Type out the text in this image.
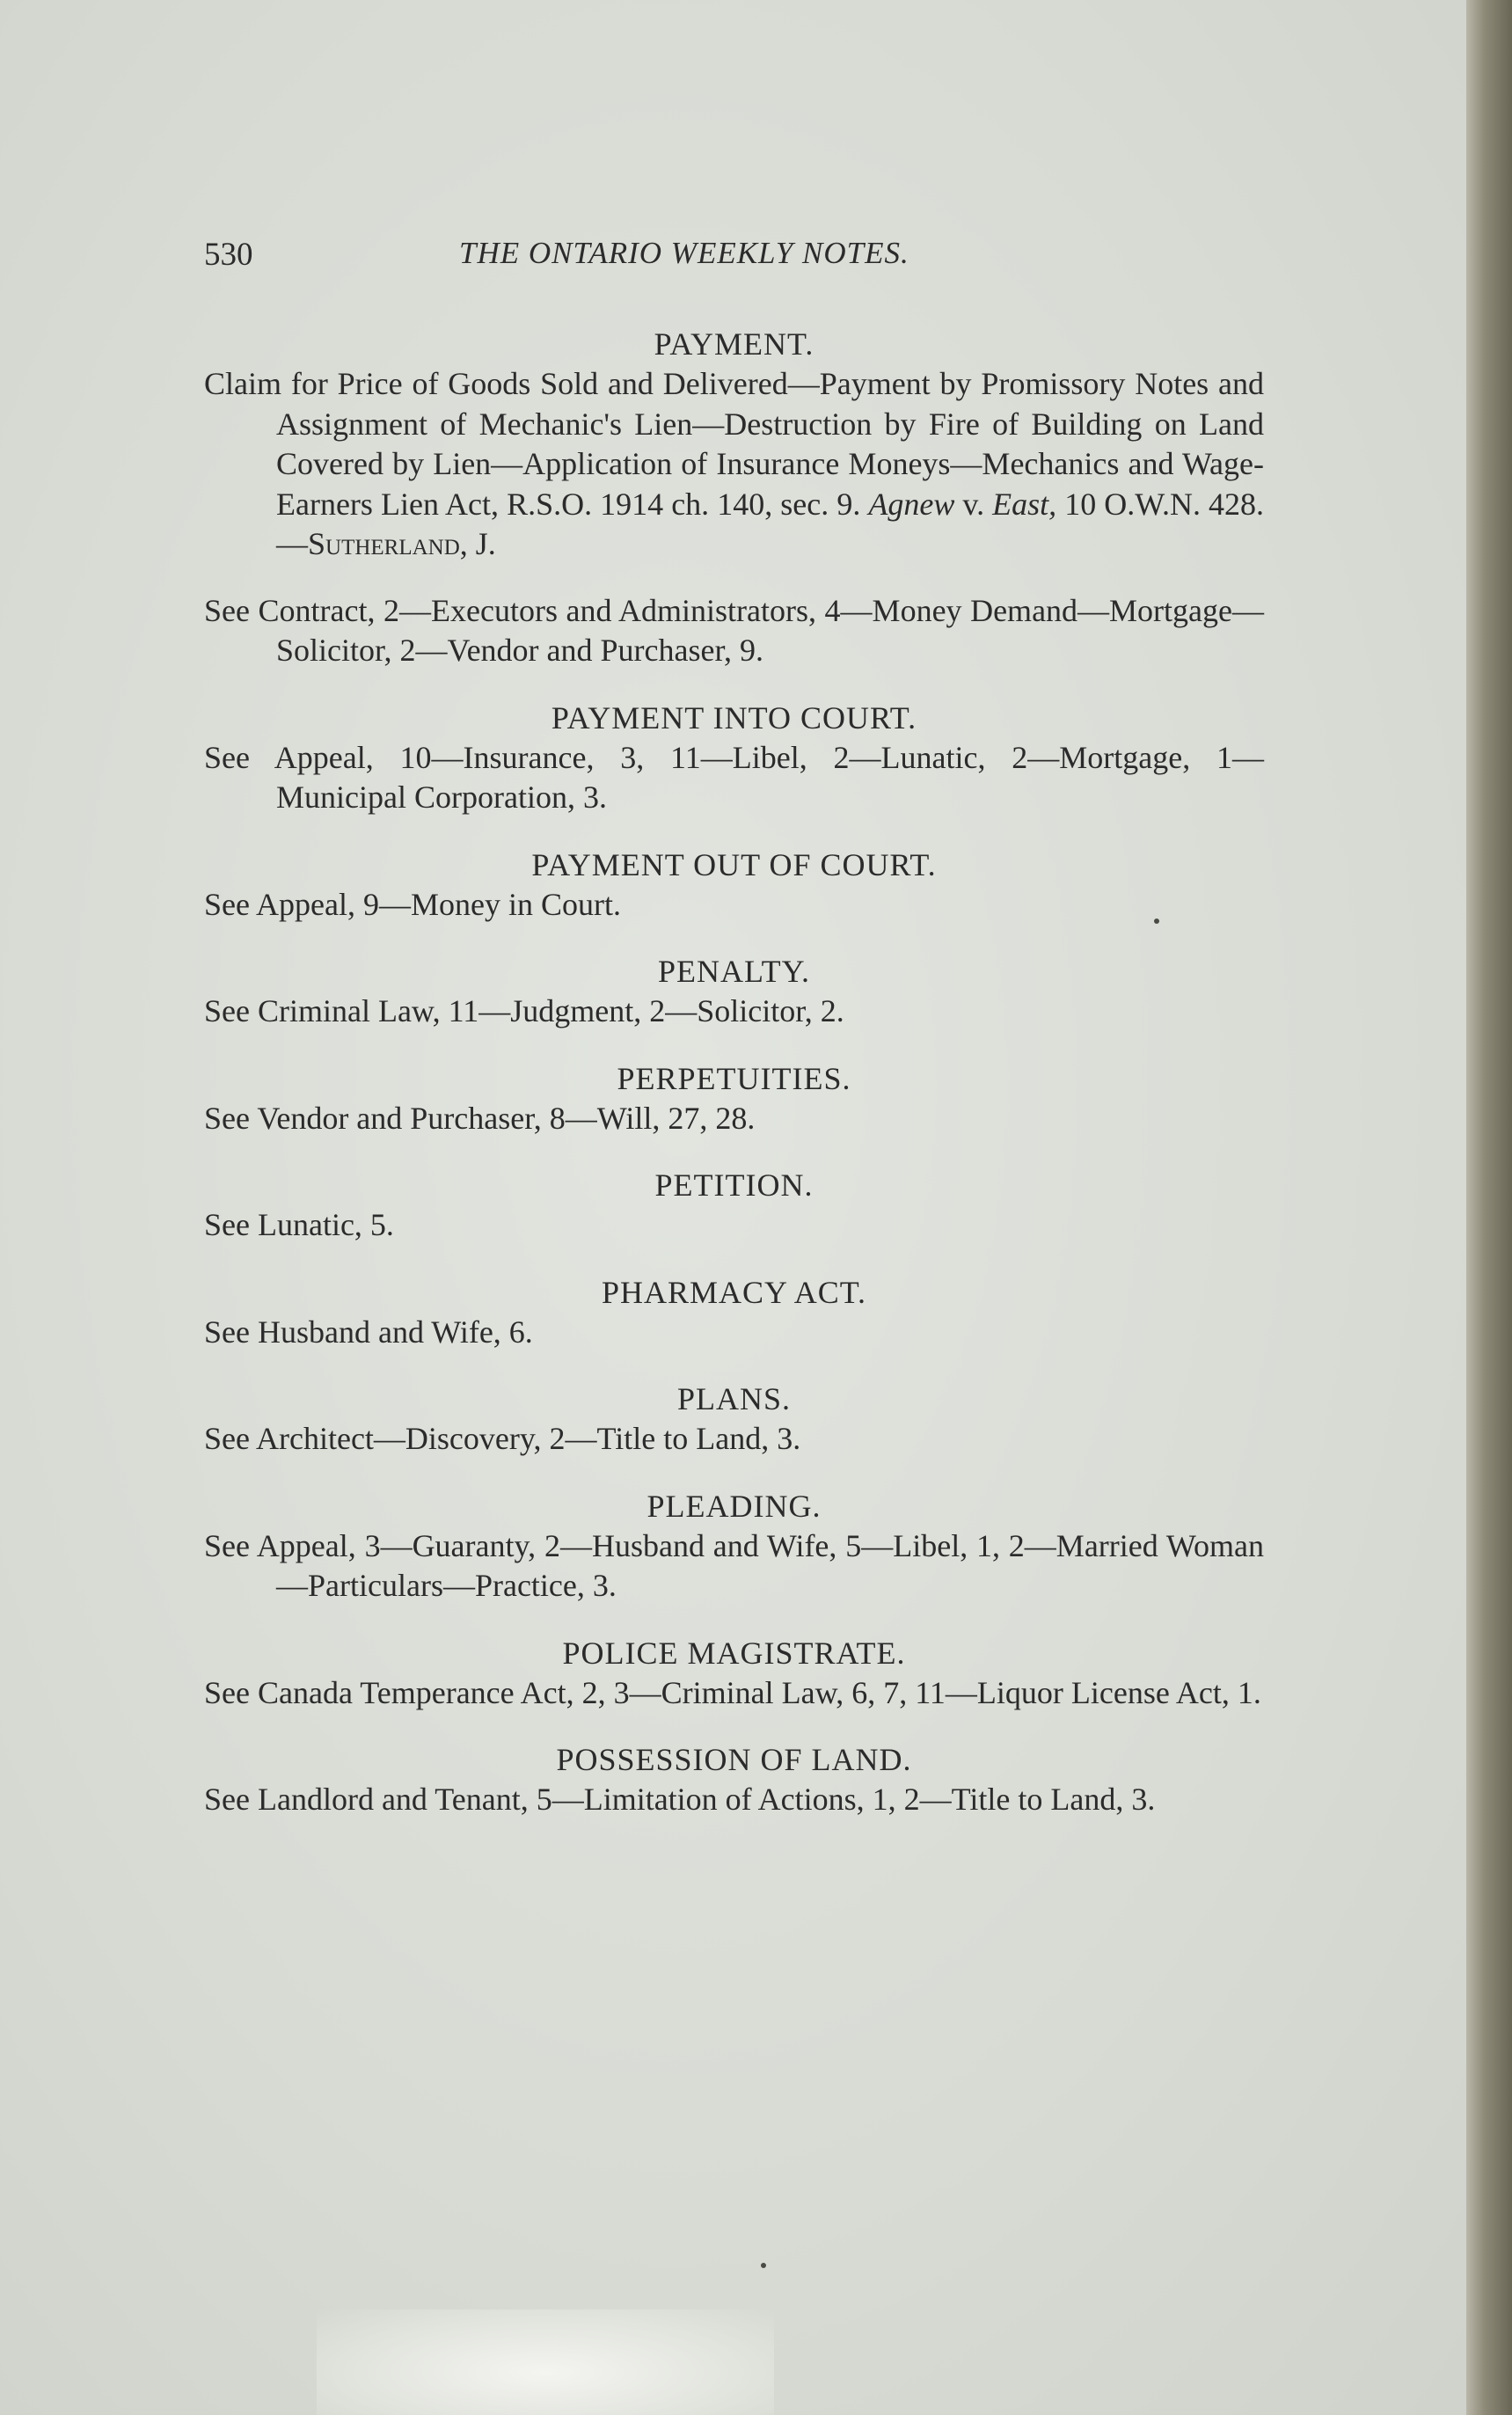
530	THE ONTARIO WEEKLY NOTES.
PAYMENT.

Claim for Price of Goods Sold and Delivered—Payment by Promissory Notes and Assignment of Mechanic's Lien—Destruction by Fire of Building on Land Covered by Lien—Application of Insurance Moneys—Mechanics and Wage-Earners Lien Act, R.S.O. 1914 ch. 140, sec. 9. Agnew v. East, 10 O.W.N. 428.—Sutherland, J.

See Contract, 2—Executors and Administrators, 4—Money Demand—Mortgage—Solicitor, 2—Vendor and Purchaser, 9.

PAYMENT INTO COURT.

See Appeal, 10—Insurance, 3, 11—Libel, 2—Lunatic, 2—Mortgage, 1—Municipal Corporation, 3.

PAYMENT OUT OF COURT.

See Appeal, 9—Money in Court.

PENALTY.

See Criminal Law, 11—Judgment, 2—Solicitor, 2.

PERPETUITIES.

See Vendor and Purchaser, 8—Will, 27, 28.

PETITION.

See Lunatic, 5.

PHARMACY ACT.

See Husband and Wife, 6.

PLANS.

See Architect—Discovery, 2—Title to Land, 3.

PLEADING.

See Appeal, 3—Guaranty, 2—Husband and Wife, 5—Libel, 1, 2—Married Woman—Particulars—Practice, 3.

POLICE MAGISTRATE.

See Canada Temperance Act, 2, 3—Criminal Law, 6, 7, 11—Liquor License Act, 1.

POSSESSION OF LAND.

See Landlord and Tenant, 5—Limitation of Actions, 1, 2—Title to Land, 3.
